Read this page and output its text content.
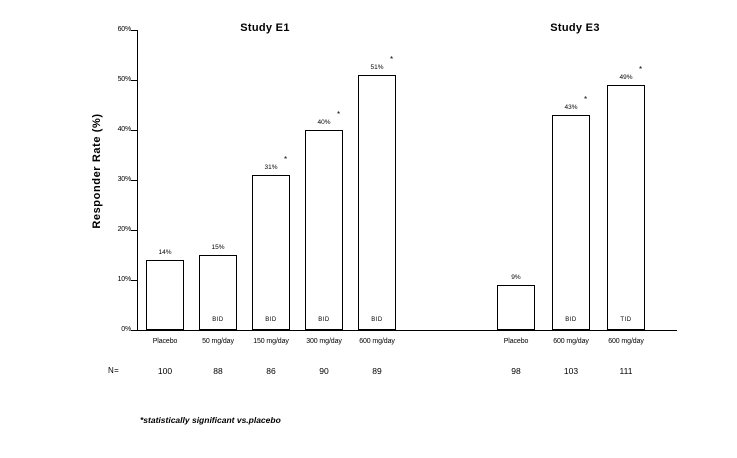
Responder Rate (%)
0%
10%
20%
30%
40%
50%
60%	Study E1	Study E3
14%
BID
15%
BID
31%
*
BID
40%
*
BID
51%
*
9%
BID
43%
*
TID
49%
*
Placebo	50 mg/day	150 mg/day	300 mg/day	600 mg/day	Placebo	600 mg/day	600 mg/day
N=	100	88	86	90	89	98	103	111
*statistically significant vs.placebo
